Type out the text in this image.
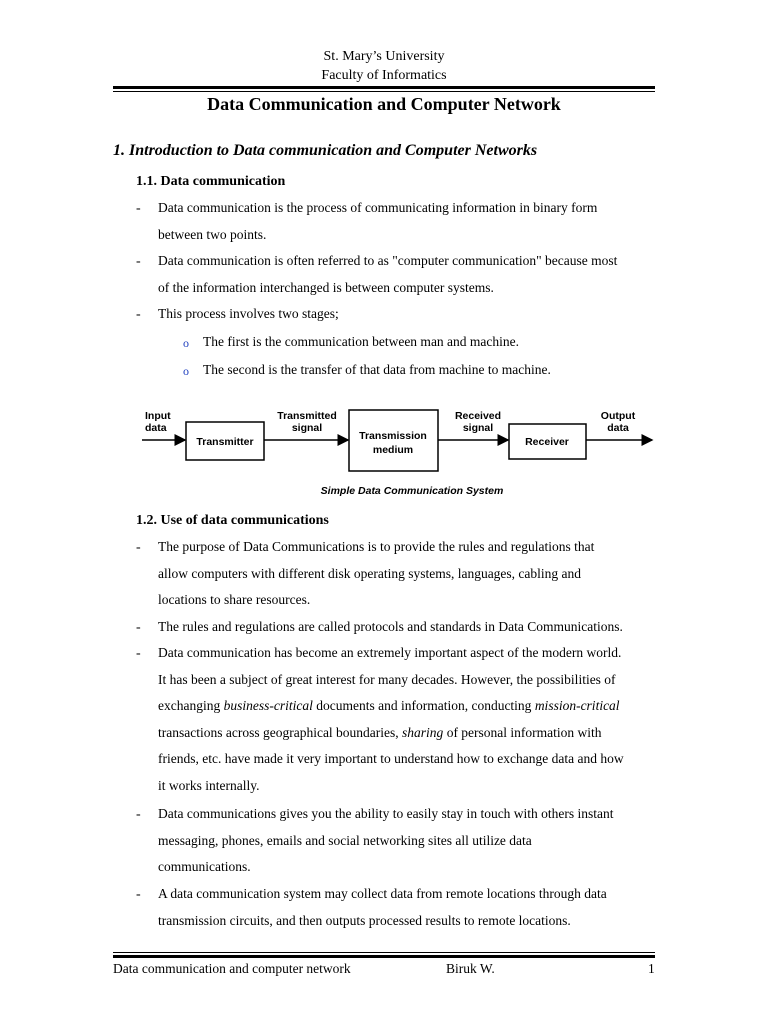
St. Mary’s University
Faculty of Informatics
Data Communication and Computer Network
1. Introduction to Data communication and Computer Networks
1.1. Data communication
- Data communication is the process of communicating information in binary form
between two points.
- Data communication is often referred to as "computer communication" because most
of the information interchanged is between computer systems.
- This process involves two stages;
o The first is the communication between man and machine.
o The second is the transfer of that data from machine to machine.
Input
data
Transmitter
Transmitted
signal
Transmission
medium
Received
signal
Receiver
Output
data
Simple Data Communication System
1.2. Use of data communications
- The purpose of Data Communications is to provide the rules and regulations that
allow computers with different disk operating systems, languages, cabling and
locations to share resources.
- The rules and regulations are called protocols and standards in Data Communications.
- Data communication has become an extremely important aspect of the modern world.
It has been a subject of great interest for many decades. However, the possibilities of
exchanging business-critical documents and information, conducting mission-critical
transactions across geographical boundaries, sharing of personal information with
friends, etc. have made it very important to understand how to exchange data and how
it works internally.
- Data communications gives you the ability to easily stay in touch with others instant
messaging, phones, emails and social networking sites all utilize data
communications.
- A data communication system may collect data from remote locations through data
transmission circuits, and then outputs processed results to remote locations.
Data communication and computer network	Biruk W.	1
